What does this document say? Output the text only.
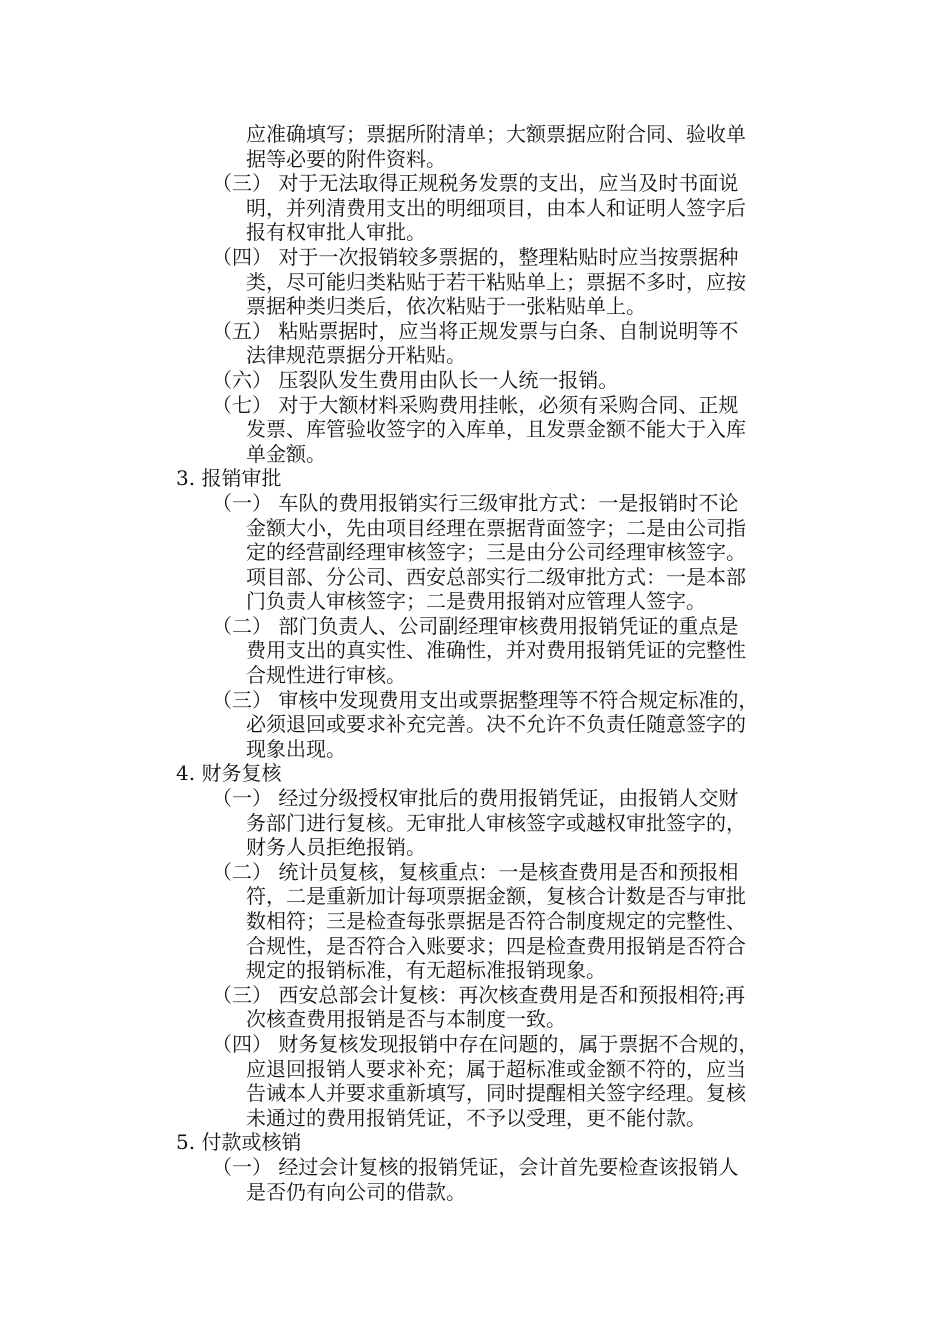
应准确填写；票据所附清单；大额票据应附合同、验收单
据等必要的附件资料。
（三） 对于无法取得正规税务发票的支出，应当及时书面说
明，并列清费用支出的明细项目，由本人和证明人签字后
报有权审批人审批。
（四） 对于一次报销较多票据的，整理粘贴时应当按票据种
类，尽可能归类粘贴于若干粘贴单上；票据不多时，应按
票据种类归类后，依次粘贴于一张粘贴单上。
（五） 粘贴票据时，应当将正规发票与白条、自制说明等不
法律规范票据分开粘贴。
（六） 压裂队发生费用由队长一人统一报销。
（七） 对于大额材料采购费用挂帐，必须有采购合同、正规
发票、库管验收签字的入库单，且发票金额不能大于入库
单金额。
3. 报销审批
（一） 车队的费用报销实行三级审批方式：一是报销时不论
金额大小，先由项目经理在票据背面签字；二是由公司指
定的经营副经理审核签字；三是由分公司经理审核签字。
项目部、分公司、西安总部实行二级审批方式：一是本部
门负责人审核签字；二是费用报销对应管理人签字。
（二） 部门负责人、公司副经理审核费用报销凭证的重点是
费用支出的真实性、准确性，并对费用报销凭证的完整性
合规性进行审核。
（三） 审核中发现费用支出或票据整理等不符合规定标准的，
必须退回或要求补充完善。决不允许不负责任随意签字的
现象出现。
4. 财务复核
（一） 经过分级授权审批后的费用报销凭证，由报销人交财
务部门进行复核。无审批人审核签字或越权审批签字的，
财务人员拒绝报销。
（二） 统计员复核，复核重点：一是核查费用是否和预报相
符，二是重新加计每项票据金额，复核合计数是否与审批
数相符；三是检查每张票据是否符合制度规定的完整性、
合规性，是否符合入账要求；四是检查费用报销是否符合
规定的报销标准，有无超标准报销现象。
（三） 西安总部会计复核：再次核查费用是否和预报相符;再
次核查费用报销是否与本制度一致。
（四） 财务复核发现报销中存在问题的，属于票据不合规的，
应退回报销人要求补充；属于超标准或金额不符的，应当
告诫本人并要求重新填写，同时提醒相关签字经理。复核
未通过的费用报销凭证，不予以受理，更不能付款。
5. 付款或核销
（一） 经过会计复核的报销凭证，会计首先要检查该报销人
是否仍有向公司的借款。
